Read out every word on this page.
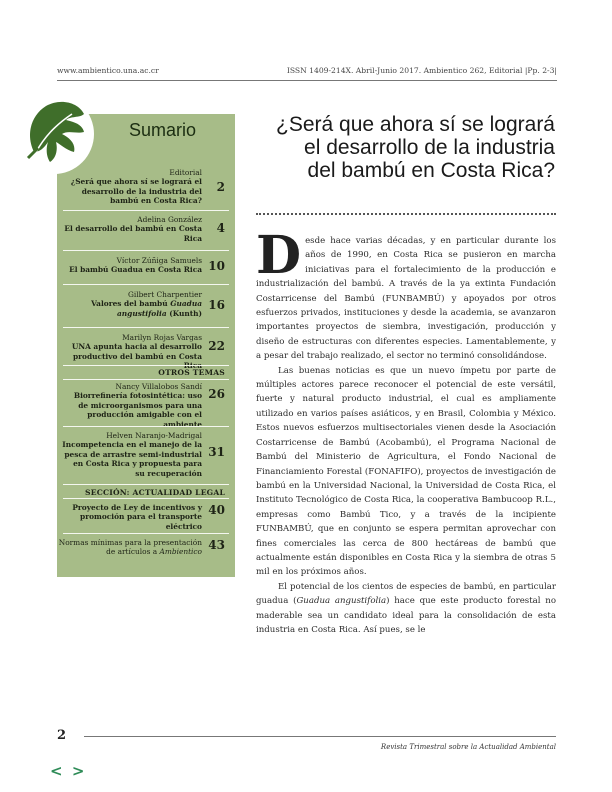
www.ambientico.una.ac.cr	ISSN 1409-214X. Abril-Junio 2017. Ambientico 262, Editorial |Pp. 2-3|
Sumario
Editorial
¿Será que ahora sí se logrará el desarrollo de la industria del bambú en Costa Rica?
2
Adelina González
El desarrollo del bambú en Costa Rica
4
Víctor Zúñiga Samuels
El bambú Guadua en Costa Rica 10
Gilbert Charpentier
Valores del bambú Guadua angustifolia (Kunth)
16
Marilyn Rojas Vargas
UNA apunta hacia al desarrollo productivo del bambú en Costa Rica
22
OTROS TEMAS
Nancy Villalobos Sandí
Biorrefinería fotosintética: uso de microorganismos para una producción amigable con el ambiente
26
Helven Naranjo-Madrigal
Incompetencia en el manejo de la pesca de arrastre semi-industrial en Costa Rica y propuesta para su recuperación
31
SECCIÓN: ACTUALIDAD LEGAL
Proyecto de Ley de incentivos y promoción para el transporte eléctrico
40
Normas mínimas para la presentación de artículos a Ambientico 43
¿Será que ahora sí se logrará el desarrollo de la industria del bambú en Costa Rica?

Desde hace varias décadas, y en particular durante los años de 1990, en Costa Rica se pusieron en marcha iniciativas para el fortalecimiento de la producción e industrialización del bambú. A través de la ya extinta Fundación Costarricense del Bambú (FUNBAMBÚ) y apoyados por otros esfuerzos privados, instituciones y desde la academia, se avanzaron importantes proyectos de siembra, investigación, producción y diseño de estructuras con diferentes especies. Lamentablemente, y a pesar del trabajo realizado, el sector no terminó consolidándose.

Las buenas noticias es que un nuevo ímpetu por parte de múltiples actores parece reconocer el potencial de este versátil, fuerte y natural producto industrial, el cual es ampliamente utilizado en varios países asiáticos, y en Brasil, Colombia y México. Estos nuevos esfuerzos multisectoriales vienen desde la Asociación Costarricense de Bambú (Acobambú), el Programa Nacional de Bambú del Ministerio de Agricultura, el Fondo Nacional de Financiamiento Forestal (FONAFIFO), proyectos de investigación de bambú en la Universidad Nacional, la Universidad de Costa Rica, el Instituto Tecnológico de Costa Rica, la cooperativa Bambucoop R.L., empresas como Bambú Tico, y a través de la incipiente FUNBAMBÚ, que en conjunto se espera permitan aprovechar con fines comerciales las cerca de 800 hectáreas de bambú que actualmente están disponibles en Costa Rica y la siembra de otras 5 mil en los próximos años.

El potencial de los cientos de especies de bambú, en particular guadua (Guadua angustifolia) hace que este producto forestal no maderable sea un candidato ideal para la consolidación de esta industria en Costa Rica. Así pues, se le

2
Revista Trimestral sobre la Actualidad Ambiental
< >
